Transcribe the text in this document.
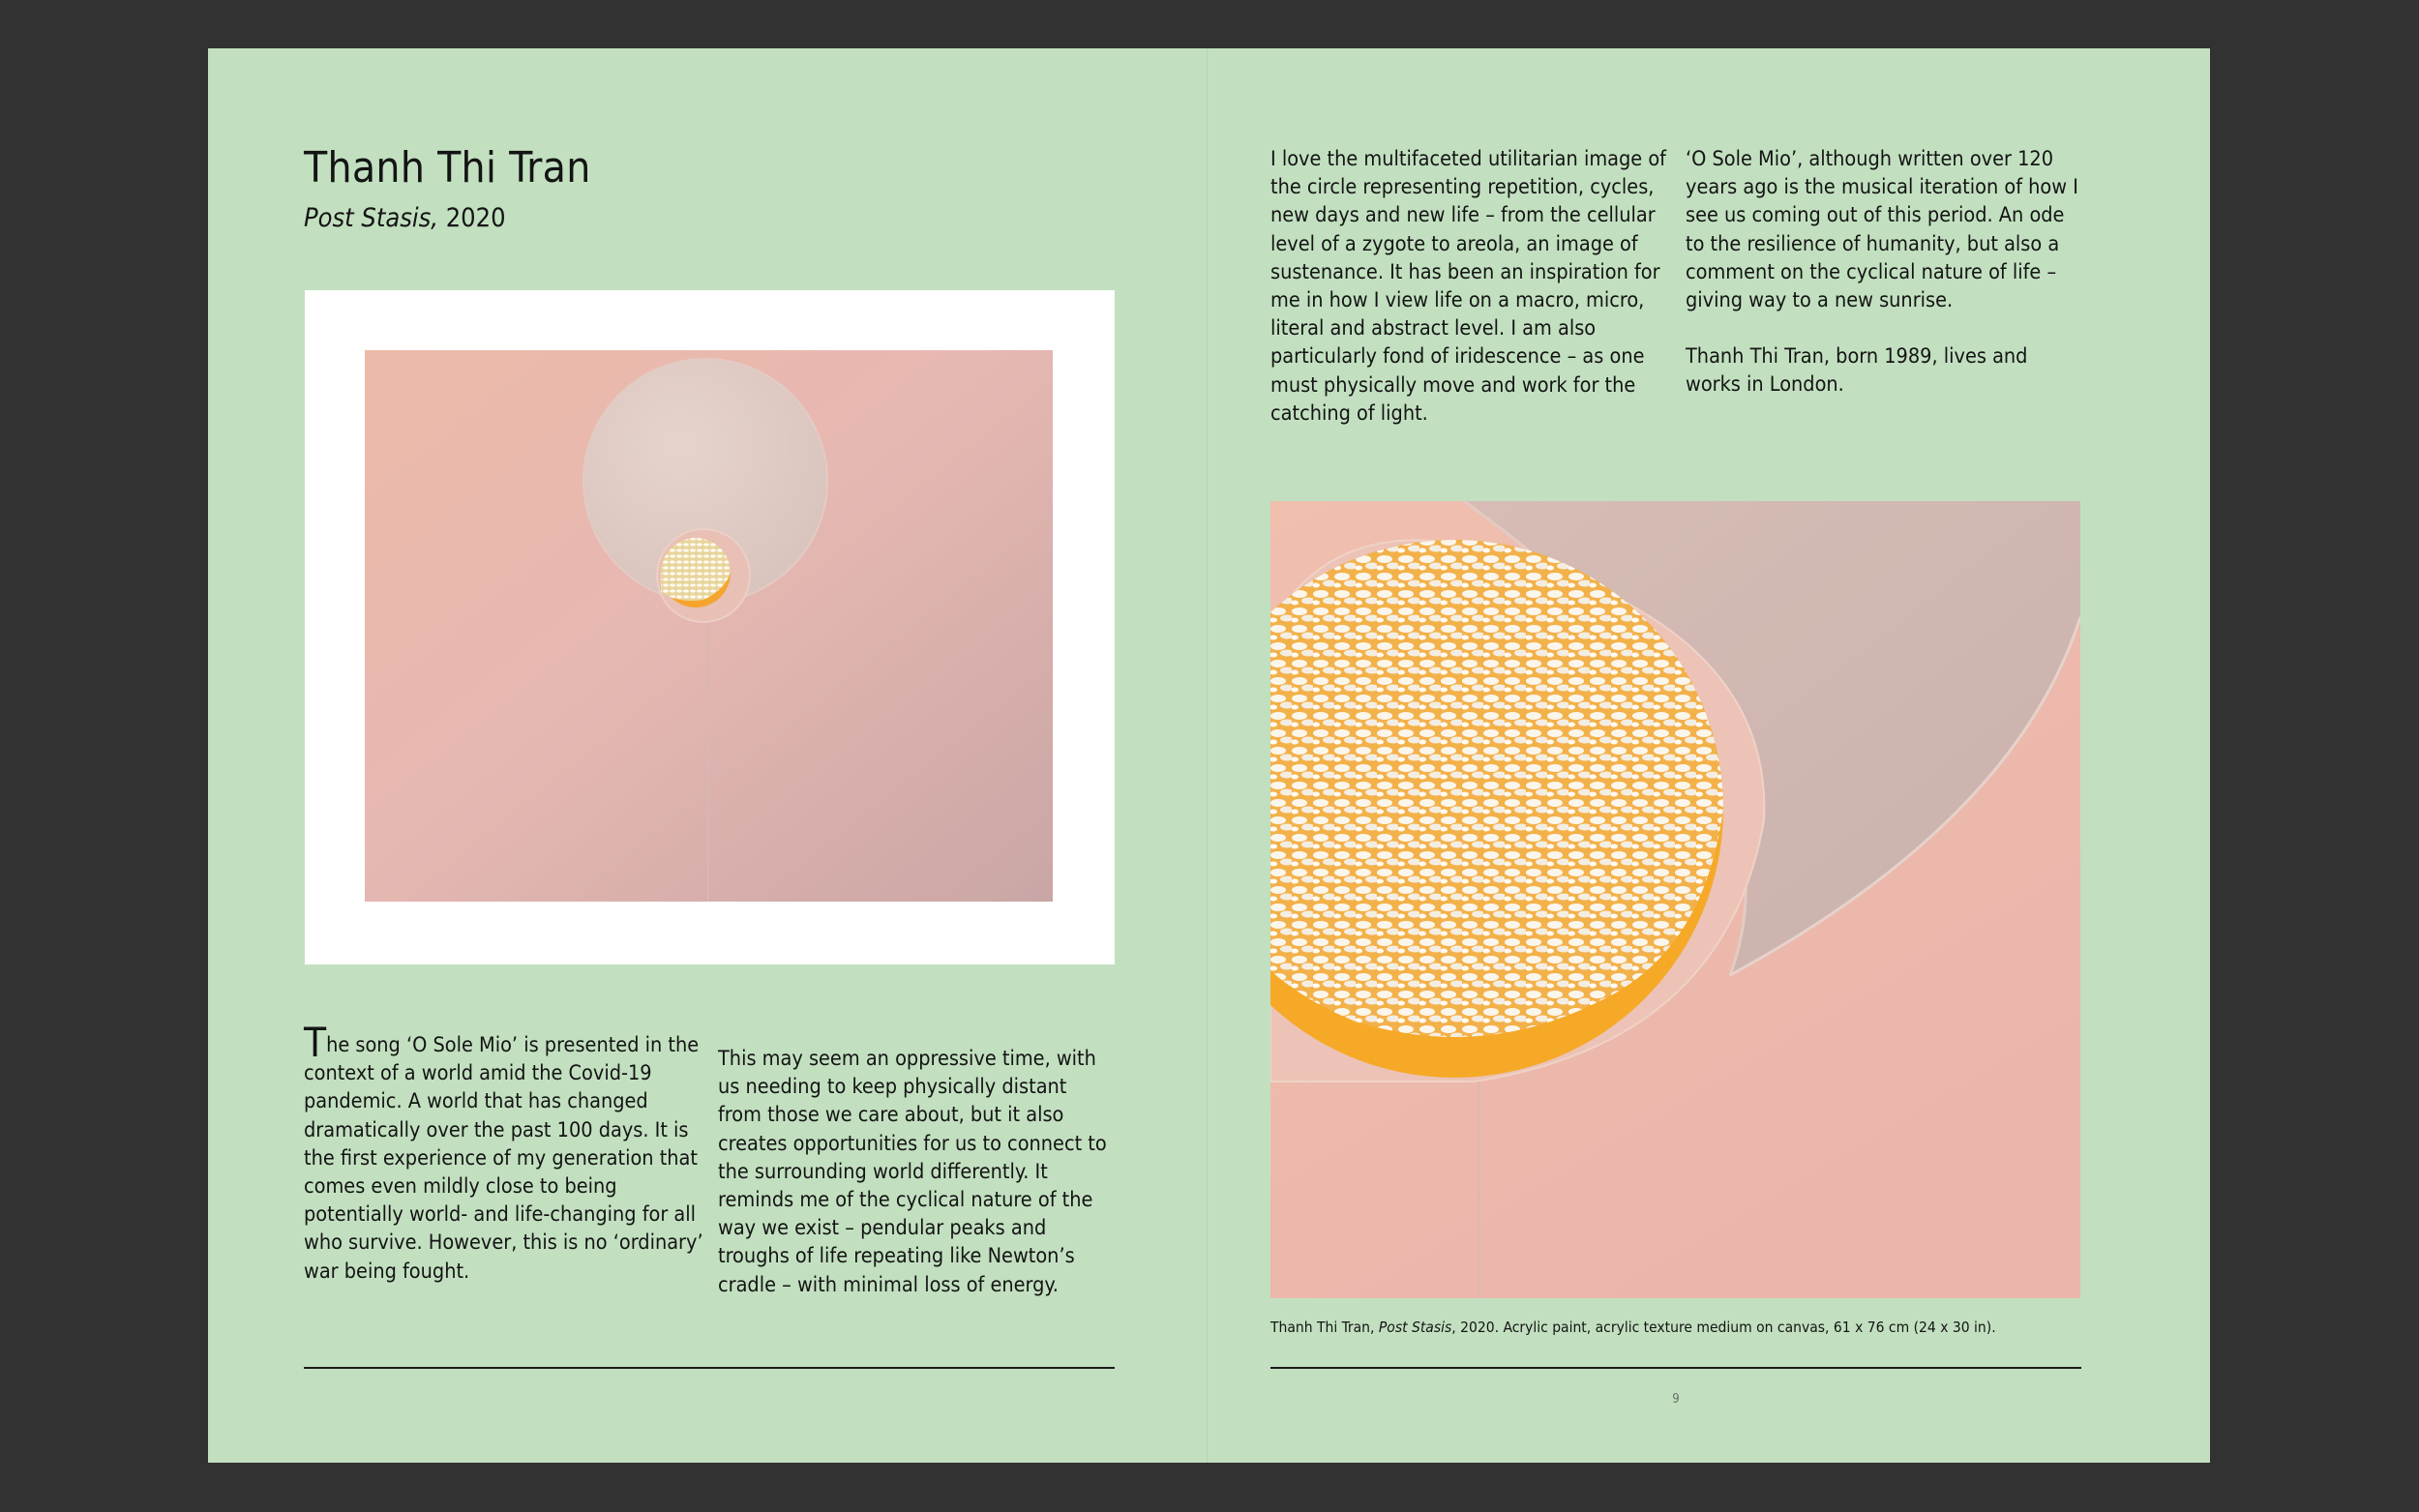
Thanh Thi Tran

Post Stasis, 2020

The song ‘O Sole Mio’ is presented in the context of a world amid the Covid-19 pandemic. A world that has changed dramatically over the past 100 days. It is the first experience of my generation that comes even mildly close to being potentially world- and life-changing for all who survive. However, this is no ‘ordinary’ war being fought.

This may seem an oppressive time, with us needing to keep physically distant from those we care about, but it also creates opportunities for us to connect to the surrounding world differently. It reminds me of the cyclical nature of the way we exist – pendular peaks and troughs of life repeating like Newton’s cradle – with minimal loss of energy.

I love the multifaceted utilitarian image of the circle representing repetition, cycles, new days and new life – from the cellular level of a zygote to areola, an image of sustenance. It has been an inspiration for me in how I view life on a macro, micro, literal and abstract level. I am also particularly fond of iridescence – as one must physically move and work for the catching of light.

‘O Sole Mio’, although written over 120 years ago is the musical iteration of how I see us coming out of this period. An ode to the resilience of humanity, but also a comment on the cyclical nature of life – giving way to a new sunrise.

Thanh Thi Tran, born 1989, lives and works in London.

Thanh Thi Tran, Post Stasis, 2020. Acrylic paint, acrylic texture medium on canvas, 61 x 76 cm (24 x 30 in).

9
